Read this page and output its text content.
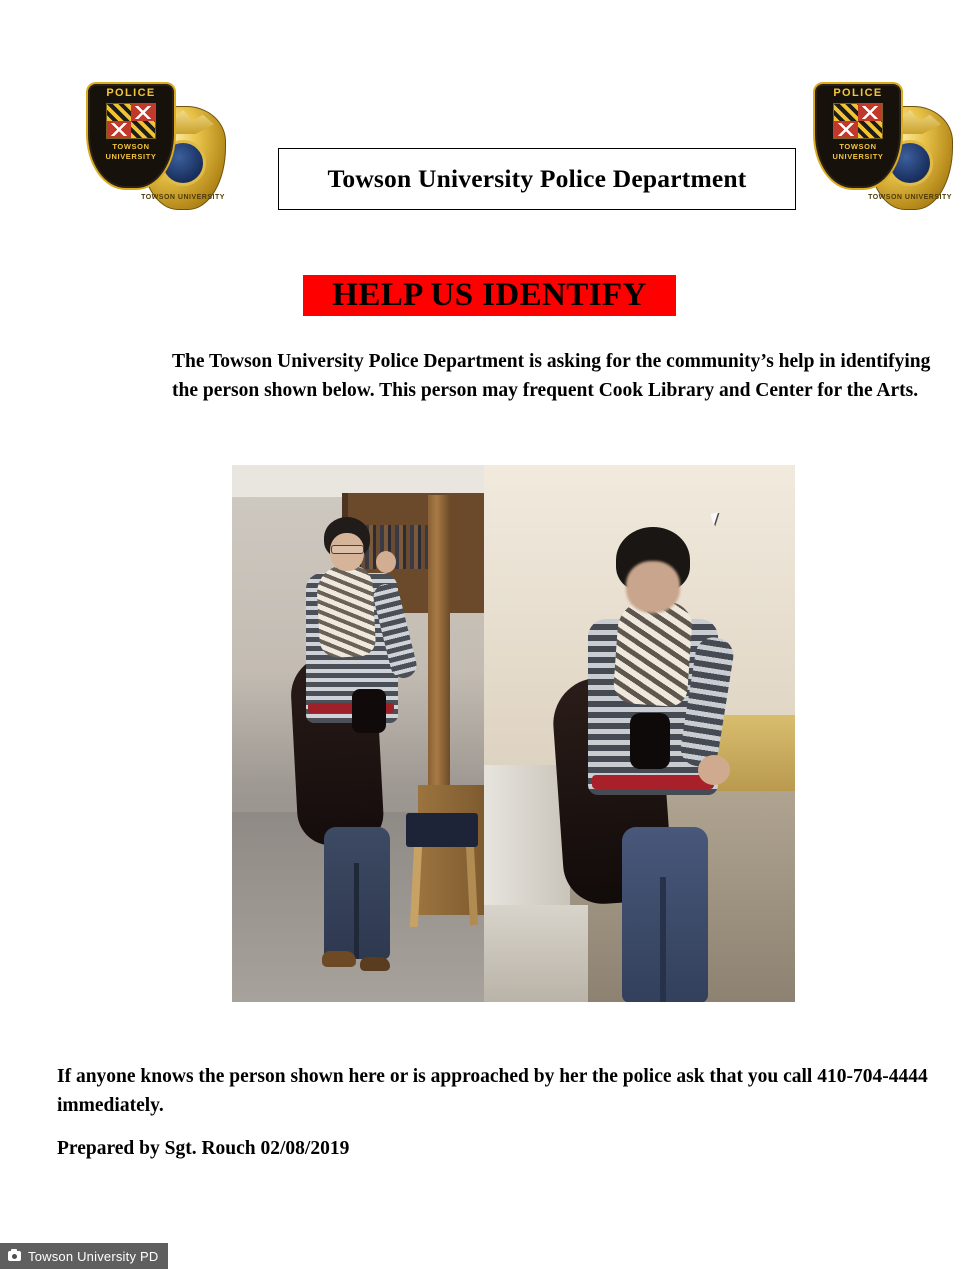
TOWSON UNIVERSITY
POLICE
TOWSON
UNIVERSITY
TOWSON UNIVERSITY
POLICE
TOWSON
UNIVERSITY
Towson University Police Department
HELP US IDENTIFY
The Towson University Police Department is asking for the community’s help in identifying the person shown below. This person may frequent Cook Library and Center for the Arts.
If anyone knows the person shown here or is approached by her the police ask that you call 410-704-4444 immediately.
Prepared by Sgt. Rouch 02/08/2019
Towson University PD
